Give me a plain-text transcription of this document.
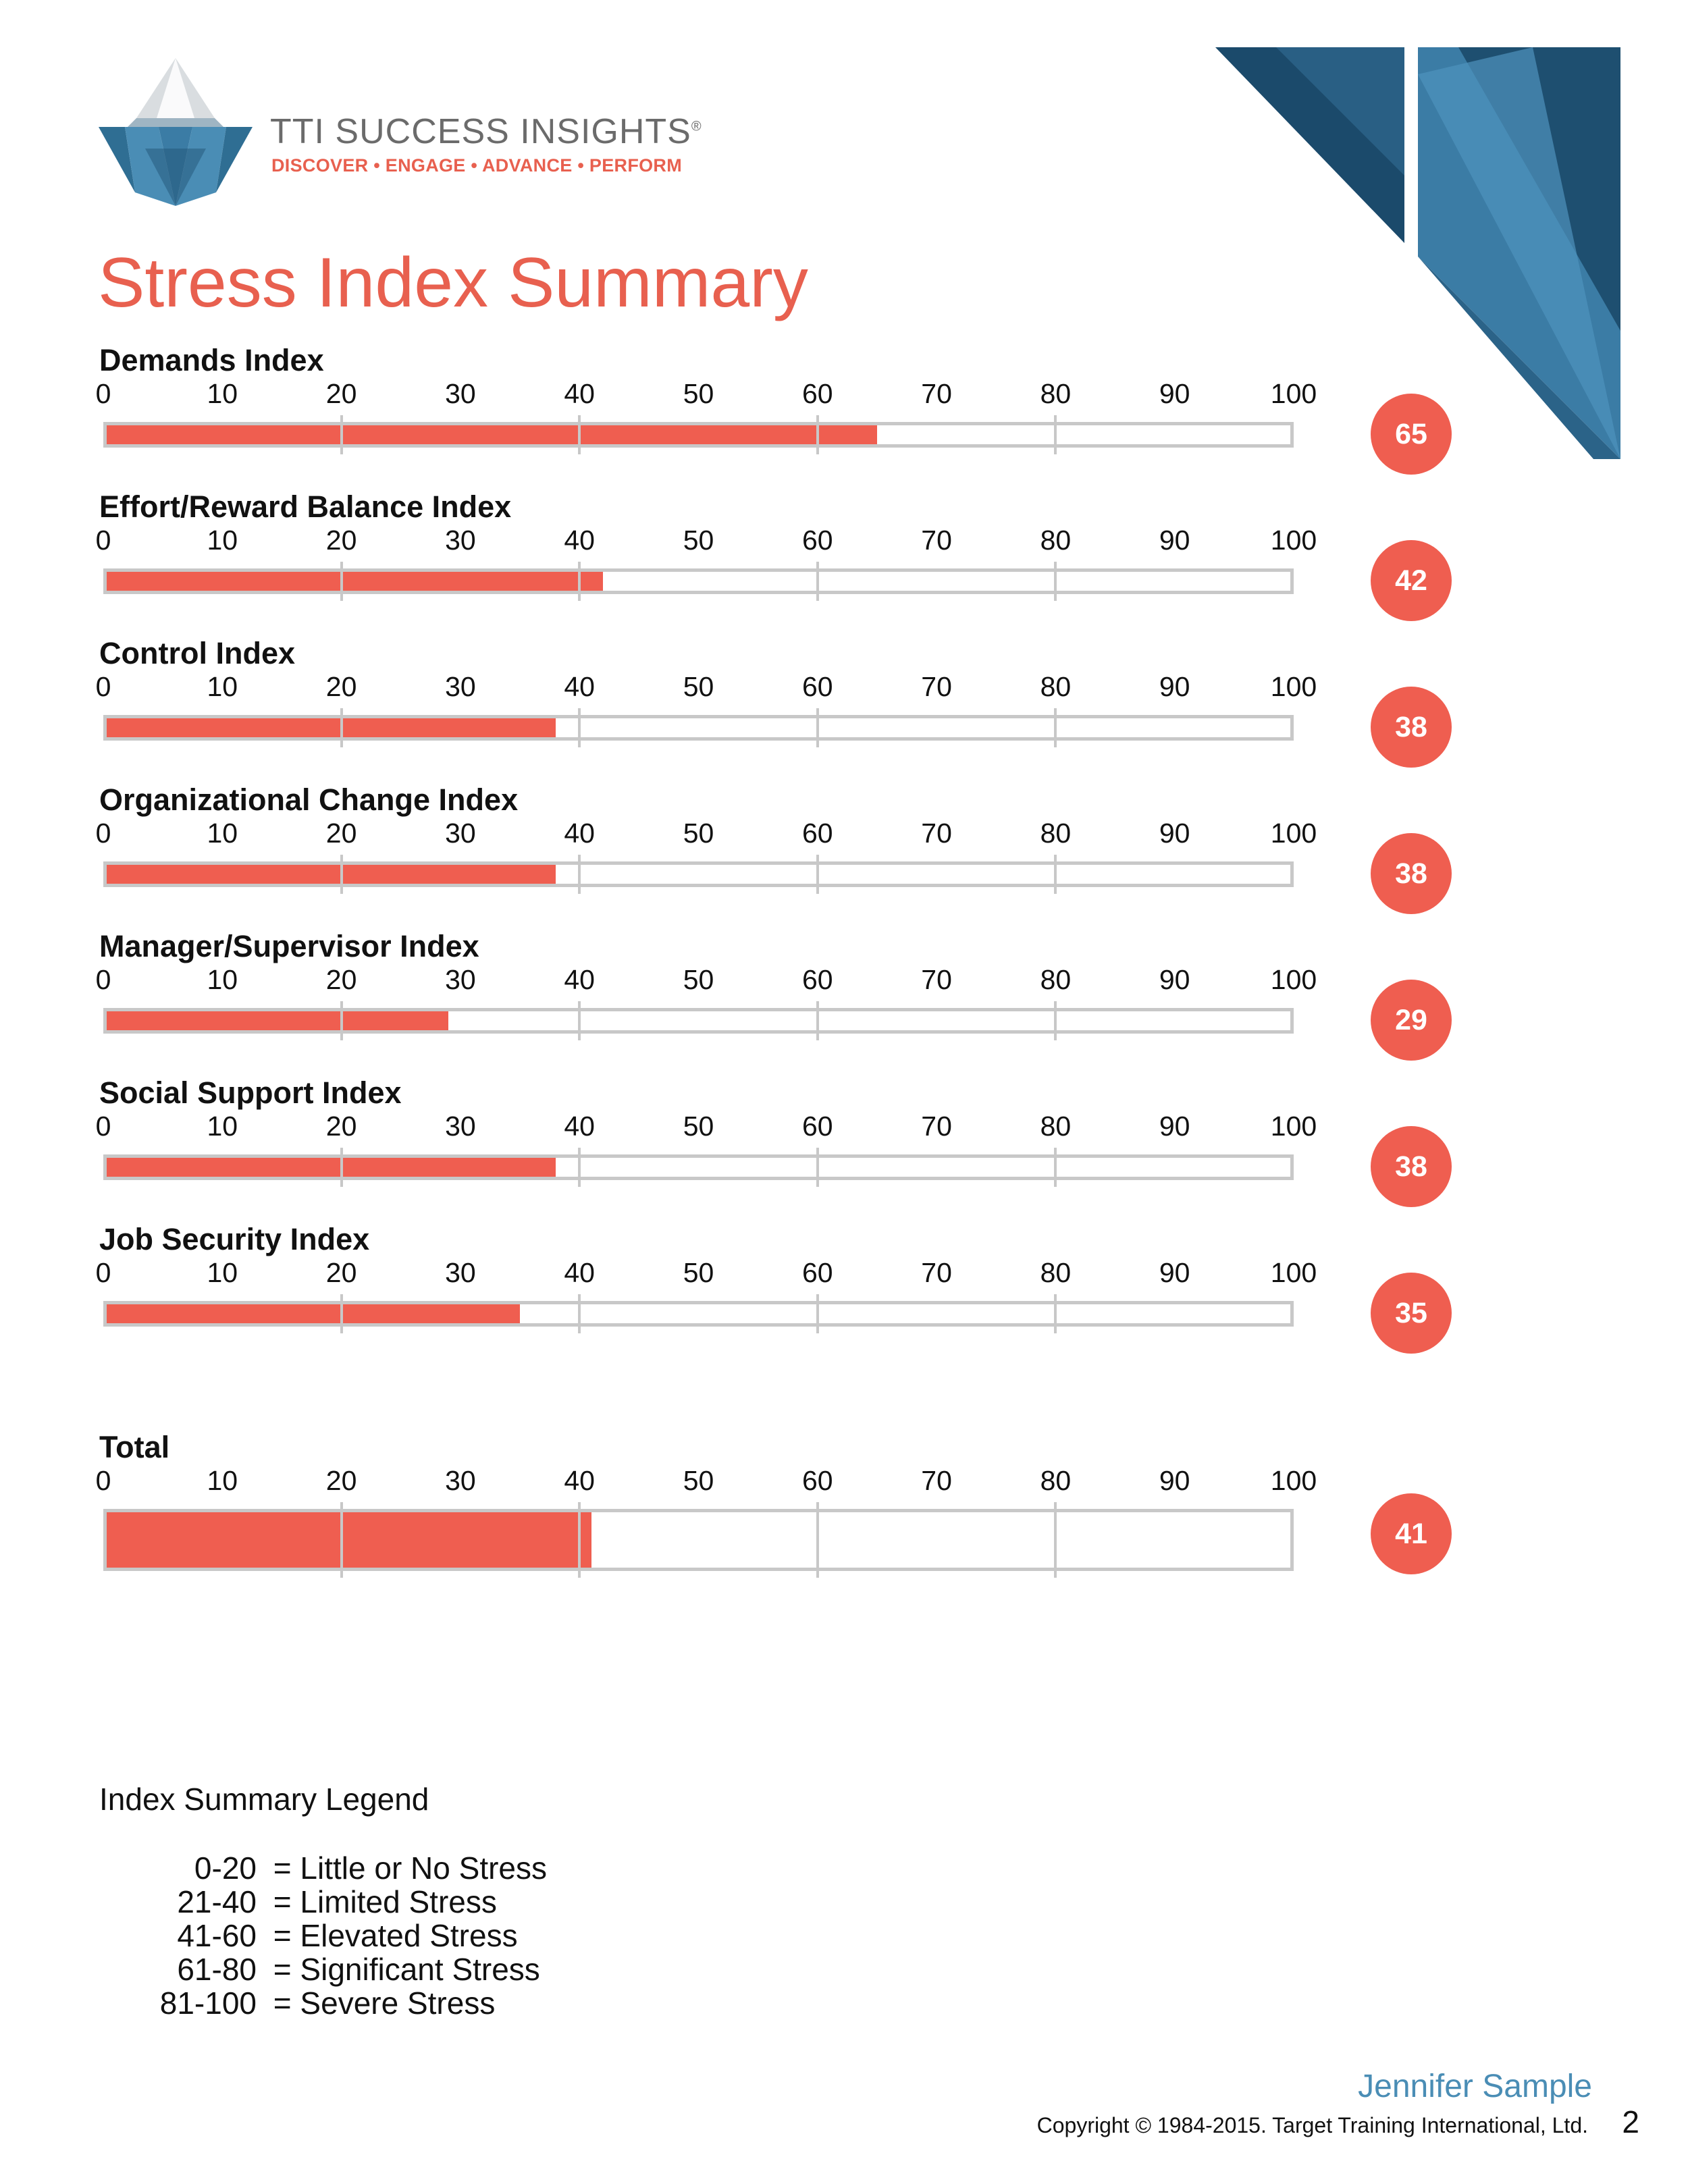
TTI SUCCESS INSIGHTS®
DISCOVER • ENGAGE • ADVANCE • PERFORM
Stress Index Summary
Demands Index
0	10	20	30	40	50	60	70	80	90	100
65
Effort/Reward Balance Index
0	10	20	30	40	50	60	70	80	90	100
42
Control Index
0	10	20	30	40	50	60	70	80	90	100
38
Organizational Change Index
0	10	20	30	40	50	60	70	80	90	100
38
Manager/Supervisor Index
0	10	20	30	40	50	60	70	80	90	100
29
Social Support Index
0	10	20	30	40	50	60	70	80	90	100
38
Job Security Index
0	10	20	30	40	50	60	70	80	90	100
35
Total
0	10	20	30	40	50	60	70	80	90	100
41
Index Summary Legend
0-20 = Little or No Stress
21-40 = Limited Stress
41-60 = Elevated Stress
61-80 = Significant Stress
81-100 = Severe Stress
Jennifer Sample
Copyright © 1984-2015. Target Training International, Ltd. 2
